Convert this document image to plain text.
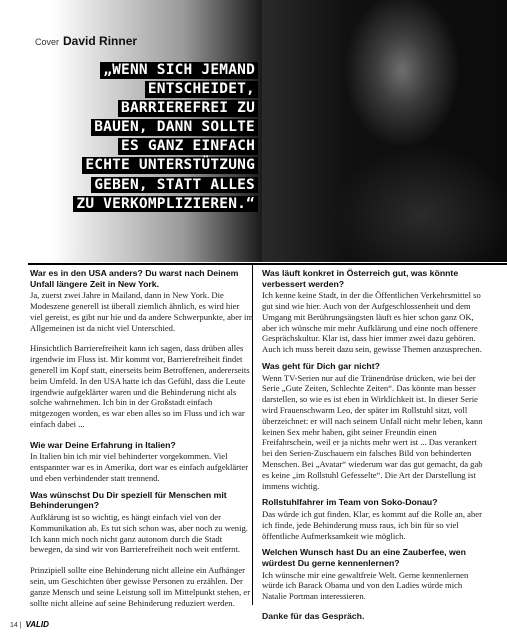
Cover David Rinner
„WENN SICH JEMAND
ENTSCHEIDET,
BARRIEREFREI ZU
BAUEN, DANN SOLLTE
ES GANZ EINFACH
ECHTE UNTERSTÜTZUNG
GEBEN, STATT ALLES
ZU VERKOMPLIZIEREN.“

War es in den USA anders? Du warst nach Deinem Unfall längere Zeit in New York.

Ja, zuerst zwei Jahre in Mailand, dann in New York. Die Modeszene generell ist überall ziemlich ähnlich, es wird hier viel gereist, es gibt nur hie und da andere Schwerpunkte, aber im Allgemeinen ist da nicht viel Unterschied.

Hinsichtlich Barrierefreiheit kann ich sagen, dass drüben alles irgendwie im Fluss ist. Mir kommt vor, Barrierefreiheit findet generell im Kopf statt, einerseits beim Betroffenen, andererseits beim Umfeld. In den USA hatte ich das Gefühl, dass die Leute irgendwie aufgeklärter waren und die Behinderung nicht als solche wahrnehmen. Ich bin in der Großstadt einfach mitgezogen worden, es war eben alles so im Fluss und ich war einfach dabei ...

Wie war Deine Erfahrung in Italien?

In Italien bin ich mir viel behinderter vorgekommen. Viel entspannter war es in Amerika, dort war es einfach aufgeklärter und eben verbindender statt trennend.

Was wünschst Du Dir speziell für Menschen mit Behinderungen?

Aufklärung ist so wichtig, es hängt einfach viel von der Kommunikation ab. Es tut sich schon was, aber noch zu wenig. Ich kann mich noch nicht ganz autonom durch die Stadt bewegen, da sind wir von Barrierefreiheit noch weit entfernt.

Prinzipiell sollte eine Behinderung nicht alleine ein Aufhänger sein, um Geschichten über gewisse Personen zu erzählen. Der ganze Mensch und seine Leistung soll im Mittelpunkt stehen, er sollte nicht alleine auf seine Behinderung reduziert werden.

Was läuft konkret in Österreich gut, was könnte verbessert werden?

Ich kenne keine Stadt, in der die Öffentlichen Verkehrsmittel so gut sind wie hier. Auch von der Aufgeschlossenheit und dem Umgang mit Berührungsängsten läuft es hier schon ganz OK, aber ich wünsche mir mehr Aufklärung und eine noch offenere Gesprächskultur. Klar ist, dass hier immer zwei dazu gehören. Auch ich muss bereit dazu sein, gewisse Themen anzusprechen.

Was geht für Dich gar nicht?

Wenn TV-Serien nur auf die Tränendrüse drücken, wie bei der Serie „Gute Zeiten, Schlechte Zeiten“. Das könnte man besser darstellen, so wie es ist eben in Wirklichkeit ist. In dieser Serie wird Frauenschwarm Leo, der später im Rollstuhl sitzt, voll überzeichnet: er will nach seinem Unfall nicht mehr leben, kann keinen Sex mehr haben, gibt seiner Freundin einen Freifahrschein, weil er ja nichts mehr wert ist ... Das verankert bei den Serien-Zuschauern ein falsches Bild von behinderten Menschen. Bei „Avatar“ wiederum war das gut gemacht, da gab es keine „im Rollstuhl Gefesselte“. Die Art der Darstellung ist immens wichtig.

Rollstuhlfahrer im Team von Soko-Donau?

Das würde ich gut finden. Klar, es kommt auf die Rolle an, aber ich finde, jede Behinderung muss raus, ich bin für so viel öffentliche Aufmerksamkeit wie möglich.

Welchen Wunsch hast Du an eine Zauberfee, wen würdest Du gerne kennenlernen?

Ich wünsche mir eine gewaltfreie Welt. Gerne kennenlernen würde ich Barack Obama und von den Ladies würde mich Natalie Portman interessieren.

Danke für das Gespräch.

14 | VALID
